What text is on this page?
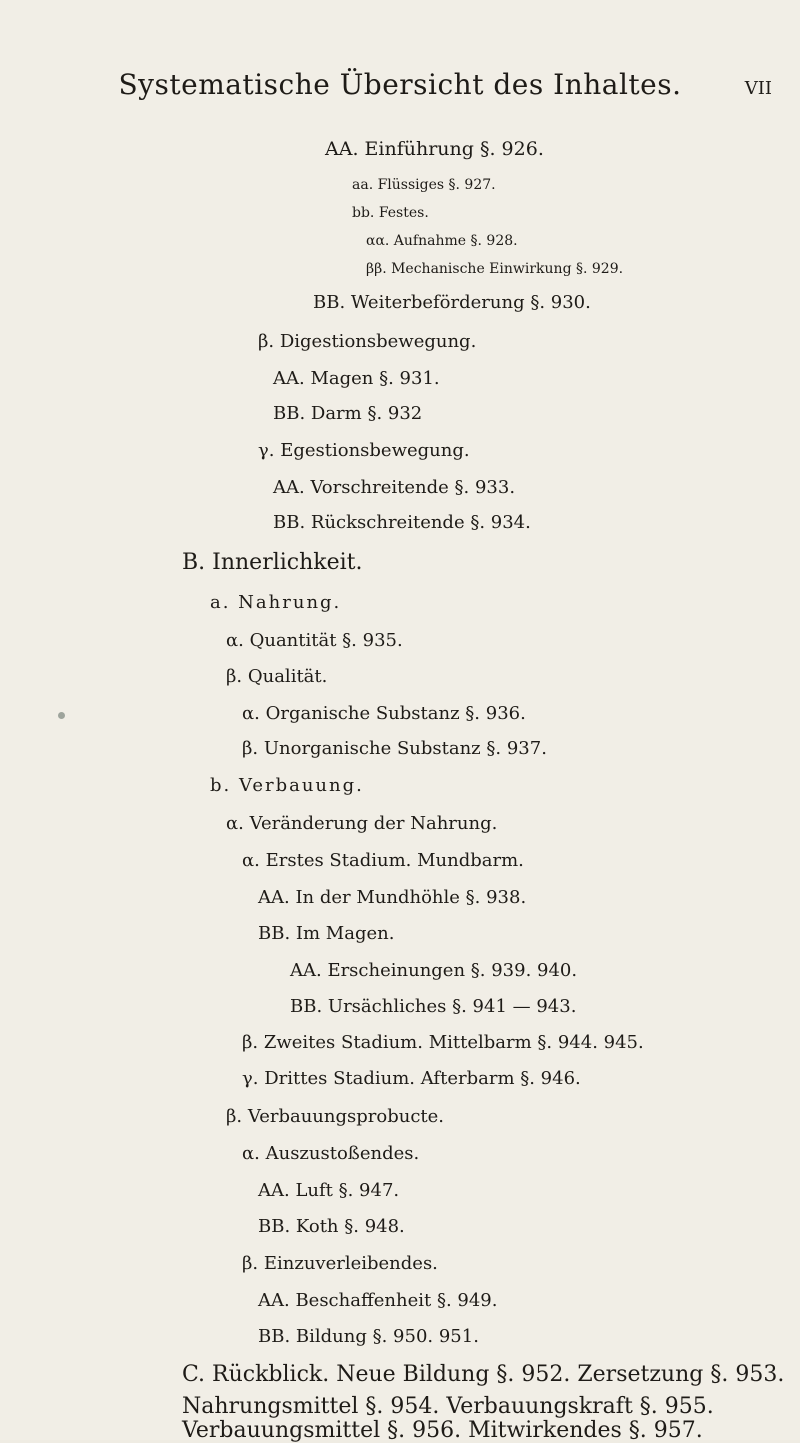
Systematische Übersicht des Inhaltes.	VII
ΑΑ. Einführung §. 926.
aa. Flüssiges §. 927.
bb. Festes.
αα. Aufnahme §. 928.
ββ. Mechanische Einwirkung §. 929.
ΒΒ. Weiterbeförderung §. 930.
β. Digestionsbewegung.
AA. Magen §. 931.
BB. Darm §. 932
γ. Egestionsbewegung.
AA. Vorschreitende §. 933.
BB. Rückschreitende §. 934.
B. Innerlichkeit.
a. Nahrung.
α. Quantität §. 935.
β. Qualität.
α. Organische Substanz §. 936.
β. Unorganische Substanz §. 937.
b. Verbauung.
α. Veränderung der Nahrung.
α. Erstes Stadium. Mundbarm.
AA. In der Mundhöhle §. 938.
BB. Im Magen.
ΑΑ. Erscheinungen §. 939. 940.
ΒΒ. Ursächliches §. 941 — 943.
β. Zweites Stadium. Mittelbarm §. 944. 945.
γ. Drittes Stadium. Afterbarm §. 946.
β. Verbauungsprobucte.
α. Auszustoßendes.
AA. Luft §. 947.
BB. Koth §. 948.
β. Einzuverleibendes.
AA. Beschaffenheit §. 949.
BB. Bildung §. 950. 951.
C. Rückblick. Neue Bildung §. 952. Zersetzung §. 953.
Nahrungsmittel §. 954. Verbauungskraft §. 955.
Verbauungsmittel §. 956. Mitwirkendes §. 957.
